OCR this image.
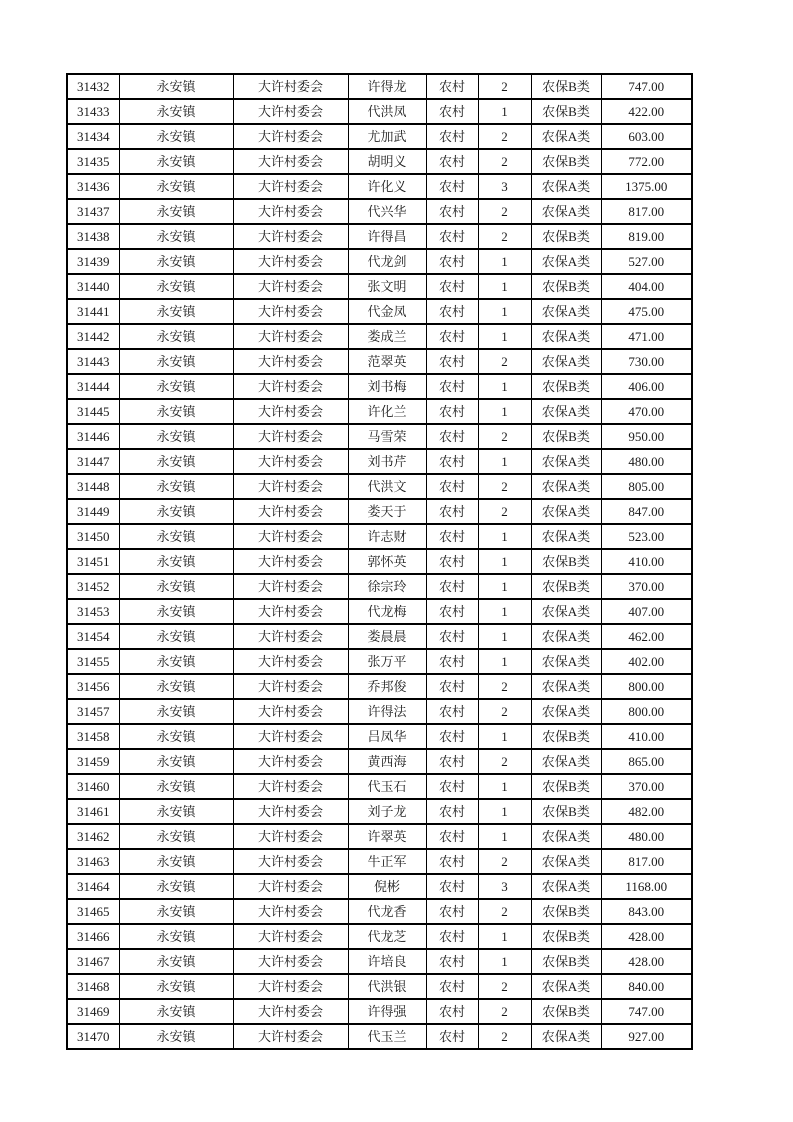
31432	永安镇	大许村委会	许得龙	农村	2	农保B类	747.00
31433	永安镇	大许村委会	代洪凤	农村	1	农保B类	422.00
31434	永安镇	大许村委会	尤加武	农村	2	农保A类	603.00
31435	永安镇	大许村委会	胡明义	农村	2	农保B类	772.00
31436	永安镇	大许村委会	许化义	农村	3	农保A类	1375.00
31437	永安镇	大许村委会	代兴华	农村	2	农保A类	817.00
31438	永安镇	大许村委会	许得昌	农村	2	农保B类	819.00
31439	永安镇	大许村委会	代龙剑	农村	1	农保A类	527.00
31440	永安镇	大许村委会	张文明	农村	1	农保B类	404.00
31441	永安镇	大许村委会	代金凤	农村	1	农保A类	475.00
31442	永安镇	大许村委会	娄成兰	农村	1	农保A类	471.00
31443	永安镇	大许村委会	范翠英	农村	2	农保A类	730.00
31444	永安镇	大许村委会	刘书梅	农村	1	农保B类	406.00
31445	永安镇	大许村委会	许化兰	农村	1	农保A类	470.00
31446	永安镇	大许村委会	马雪荣	农村	2	农保B类	950.00
31447	永安镇	大许村委会	刘书芹	农村	1	农保A类	480.00
31448	永安镇	大许村委会	代洪文	农村	2	农保A类	805.00
31449	永安镇	大许村委会	娄天于	农村	2	农保A类	847.00
31450	永安镇	大许村委会	许志财	农村	1	农保A类	523.00
31451	永安镇	大许村委会	郭怀英	农村	1	农保B类	410.00
31452	永安镇	大许村委会	徐宗玲	农村	1	农保B类	370.00
31453	永安镇	大许村委会	代龙梅	农村	1	农保A类	407.00
31454	永安镇	大许村委会	娄晨晨	农村	1	农保A类	462.00
31455	永安镇	大许村委会	张万平	农村	1	农保A类	402.00
31456	永安镇	大许村委会	乔邦俊	农村	2	农保A类	800.00
31457	永安镇	大许村委会	许得法	农村	2	农保A类	800.00
31458	永安镇	大许村委会	吕凤华	农村	1	农保B类	410.00
31459	永安镇	大许村委会	黄西海	农村	2	农保A类	865.00
31460	永安镇	大许村委会	代玉石	农村	1	农保B类	370.00
31461	永安镇	大许村委会	刘子龙	农村	1	农保B类	482.00
31462	永安镇	大许村委会	许翠英	农村	1	农保A类	480.00
31463	永安镇	大许村委会	牛正军	农村	2	农保A类	817.00
31464	永安镇	大许村委会	倪彬	农村	3	农保A类	1168.00
31465	永安镇	大许村委会	代龙香	农村	2	农保B类	843.00
31466	永安镇	大许村委会	代龙芝	农村	1	农保B类	428.00
31467	永安镇	大许村委会	许培良	农村	1	农保B类	428.00
31468	永安镇	大许村委会	代洪银	农村	2	农保A类	840.00
31469	永安镇	大许村委会	许得强	农村	2	农保B类	747.00
31470	永安镇	大许村委会	代玉兰	农村	2	农保A类	927.00
